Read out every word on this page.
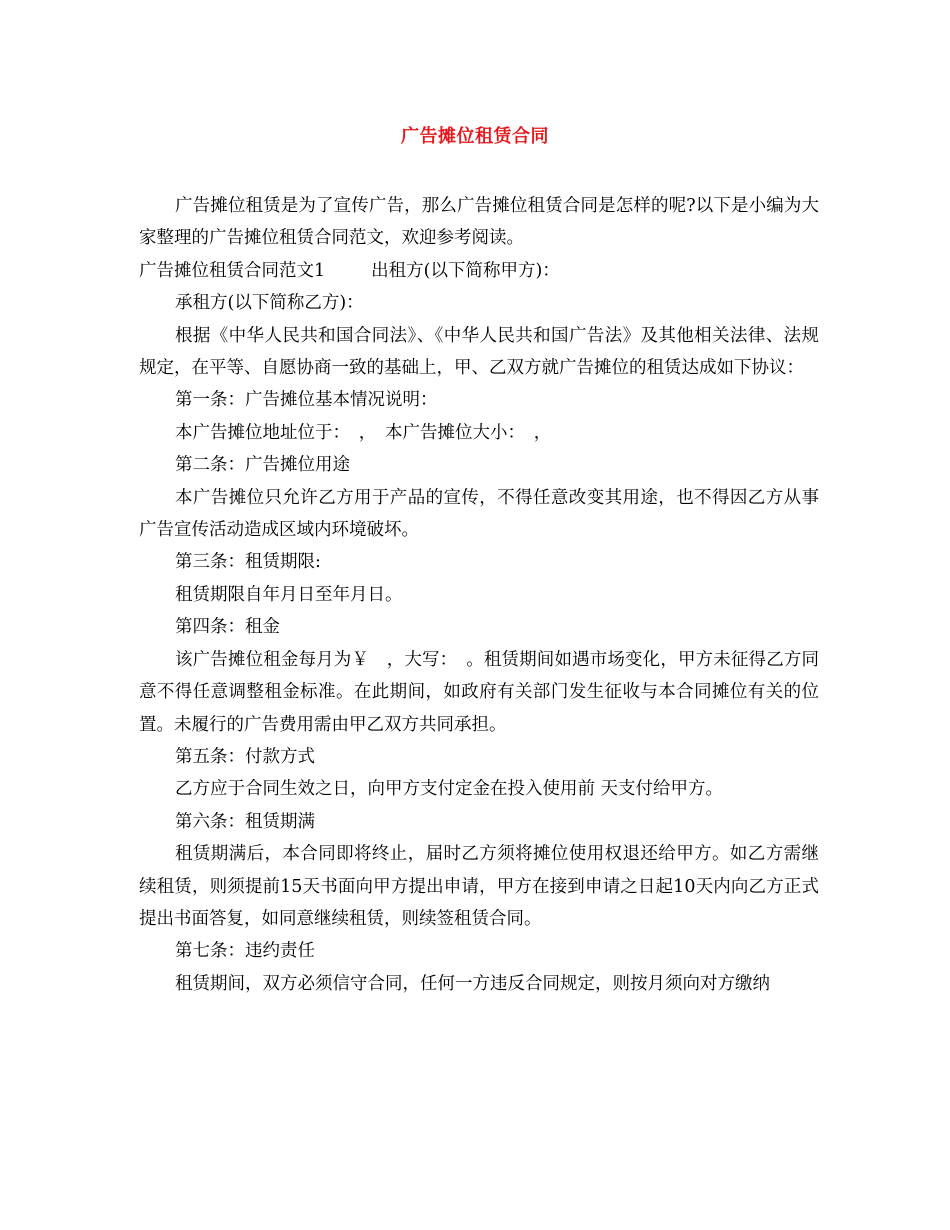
广告摊位租赁合同

广告摊位租赁是为了宣传广告，那么广告摊位租赁合同是怎样的呢?以下是小编为大家整理的广告摊位租赁合同范文，欢迎参考阅读。

广告摊位租赁合同范文1	出租方(以下简称甲方)：

承租方(以下简称乙方)：

根据《中华人民共和国合同法》、《中华人民共和国广告法》及其他相关法律、法规规定，在平等、自愿协商一致的基础上，甲、乙双方就广告摊位的租赁达成如下协议：

第一条：广告摊位基本情况说明：

本广告摊位地址位于：　，　本广告摊位大小：　，

第二条：广告摊位用途

本广告摊位只允许乙方用于产品的宣传，不得任意改变其用途，也不得因乙方从事广告宣传活动造成区域内环境破坏。

第三条：租赁期限:

租赁期限自年月日至年月日。

第四条：租金

该广告摊位租金每月为￥　，大写：　。租赁期间如遇市场变化，甲方未征得乙方同意不得任意调整租金标准。在此期间，如政府有关部门发生征收与本合同摊位有关的位置。未履行的广告费用需由甲乙双方共同承担。

第五条：付款方式

乙方应于合同生效之日，向甲方支付定金在投入使用前 天支付给甲方。

第六条：租赁期满

租赁期满后，本合同即将终止，届时乙方须将摊位使用权退还给甲方。如乙方需继续租赁，则须提前15天书面向甲方提出申请，甲方在接到申请之日起10天内向乙方正式提出书面答复，如同意继续租赁，则续签租赁合同。

第七条：违约责任

租赁期间，双方必须信守合同，任何一方违反合同规定，则按月须向对方缴纳
